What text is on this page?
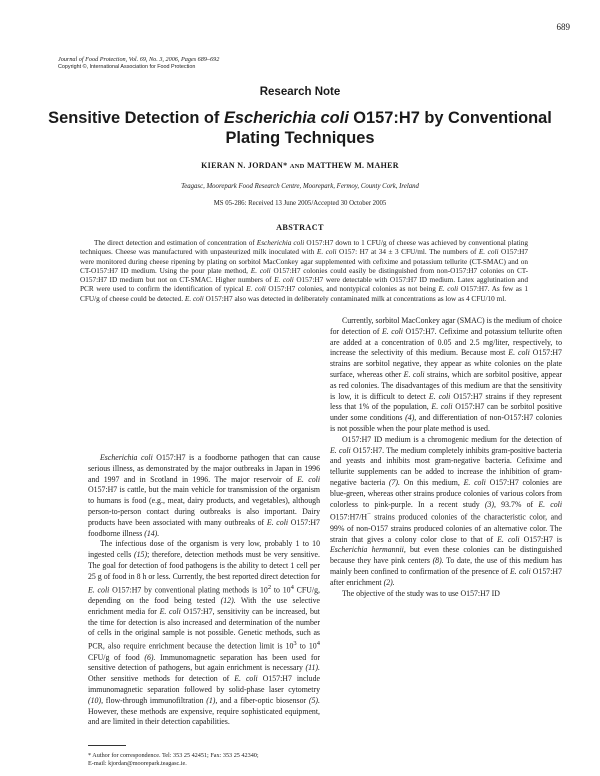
689
Journal of Food Protection, Vol. 69, No. 3, 2006, Pages 689–692
Copyright ©, International Association for Food Protection
Research Note
Sensitive Detection of Escherichia coli O157:H7 by Conventional Plating Techniques
KIERAN N. JORDAN* AND MATTHEW M. MAHER
Teagasc, Moorepark Food Research Centre, Moorepark, Fermoy, County Cork, Ireland
MS 05-286: Received 13 June 2005/Accepted 30 October 2005
ABSTRACT
The direct detection and estimation of concentration of Escherichia coli O157:H7 down to 1 CFU/g of cheese was achieved by conventional plating techniques. Cheese was manufactured with unpasteurized milk inoculated with E. coli O157: H7 at 34 ± 3 CFU/ml. The numbers of E. coli O157:H7 were monitored during cheese ripening by plating on sorbitol MacConkey agar supplemented with cefixime and potassium tellurite (CT-SMAC) and on CT-O157:H7 ID medium. Using the pour plate method, E. coli O157:H7 colonies could easily be distinguished from non-O157:H7 colonies on CT-O157:H7 ID medium but not on CT-SMAC. Higher numbers of E. coli O157:H7 were detectable with O157:H7 ID medium. Latex agglutination and PCR were used to confirm the identification of typical E. coli O157:H7 colonies, and nontypical colonies as not being E. coli O157:H7. As few as 1 CFU/g of cheese could be detected. E. coli O157:H7 also was detected in deliberately contaminated milk at concentrations as low as 4 CFU/10 ml.

Escherichia coli O157:H7 is a foodborne pathogen that can cause serious illness, as demonstrated by the major outbreaks in Japan in 1996 and 1997 and in Scotland in 1996. The major reservoir of E. coli O157:H7 is cattle, but the main vehicle for transmission of the organism to humans is food (e.g., meat, dairy products, and vegetables), although person-to-person contact during outbreaks is also important. Dairy products have been associated with many outbreaks of E. coli O157:H7 foodborne illness (14).

The infectious dose of the organism is very low, probably 1 to 10 ingested cells (15); therefore, detection methods must be very sensitive. The goal for detection of food pathogens is the ability to detect 1 cell per 25 g of food in 8 h or less. Currently, the best reported direct detection for E. coli O157:H7 by conventional plating methods is $10^2$ to $10^4$ CFU/g, depending on the food being tested (12). With the use selective enrichment media for E. coli O157:H7, sensitivity can be increased, but the time for detection is also increased and determination of the number of cells in the original sample is not possible. Genetic methods, such as PCR, also require enrichment because the detection limit is $10^3$ to $10^4$ CFU/g of food (6). Immunomagnetic separation has been used for sensitive detection of pathogens, but again enrichment is necessary (11). Other sensitive methods for detection of E. coli O157:H7 include immunomagnetic separation followed by solid-phase laser cytometry (10), flow-through immunofiltration (1), and a fiber-optic biosensor (5). However, these methods are expensive, require sophisticated equipment, and are limited in their detection capabilities.

Currently, sorbitol MacConkey agar (SMAC) is the medium of choice for detection of E. coli O157:H7. Cefixime and potassium tellurite often are added at a concentration of 0.05 and 2.5 mg/liter, respectively, to increase the selectivity of this medium. Because most E. coli O157:H7 strains are sorbitol negative, they appear as white colonies on the plate surface, whereas other E. coli strains, which are sorbitol positive, appear as red colonies. The disadvantages of this medium are that the sensitivity is low, it is difficult to detect E. coli O157:H7 strains if they represent less that 1% of the population, E. coli O157:H7 can be sorbitol positive under some conditions (4), and differentiation of non-O157:H7 colonies is not possible when the pour plate method is used.

O157:H7 ID medium is a chromogenic medium for the detection of E. coli O157:H7. The medium completely inhibits gram-positive bacteria and yeasts and inhibits most gram-negative bacteria. Cefixime and tellurite supplements can be added to increase the inhibition of gram-negative bacteria (7). On this medium, E. coli O157:H7 colonies are blue-green, whereas other strains produce colonies of various colors from colorless to pink-purple. In a recent study (3), 93.7% of E. coli O157:H7/H− strains produced colonies of the characteristic color, and 99% of non-O157 strains produced colonies of an alternative color. The strain that gives a colony color close to that of E. coli O157:H7 is Escherichia hermannii, but even these colonies can be distinguished because they have pink centers (8). To date, the use of this medium has mainly been confined to confirmation of the presence of E. coli O157:H7 after enrichment (2).

The objective of the study was to use O157:H7 ID

* Author for correspondence. Tel: 353 25 42451; Fax: 353 25 42340;
E-mail: kjordan@moorepark.teagasc.ie.
